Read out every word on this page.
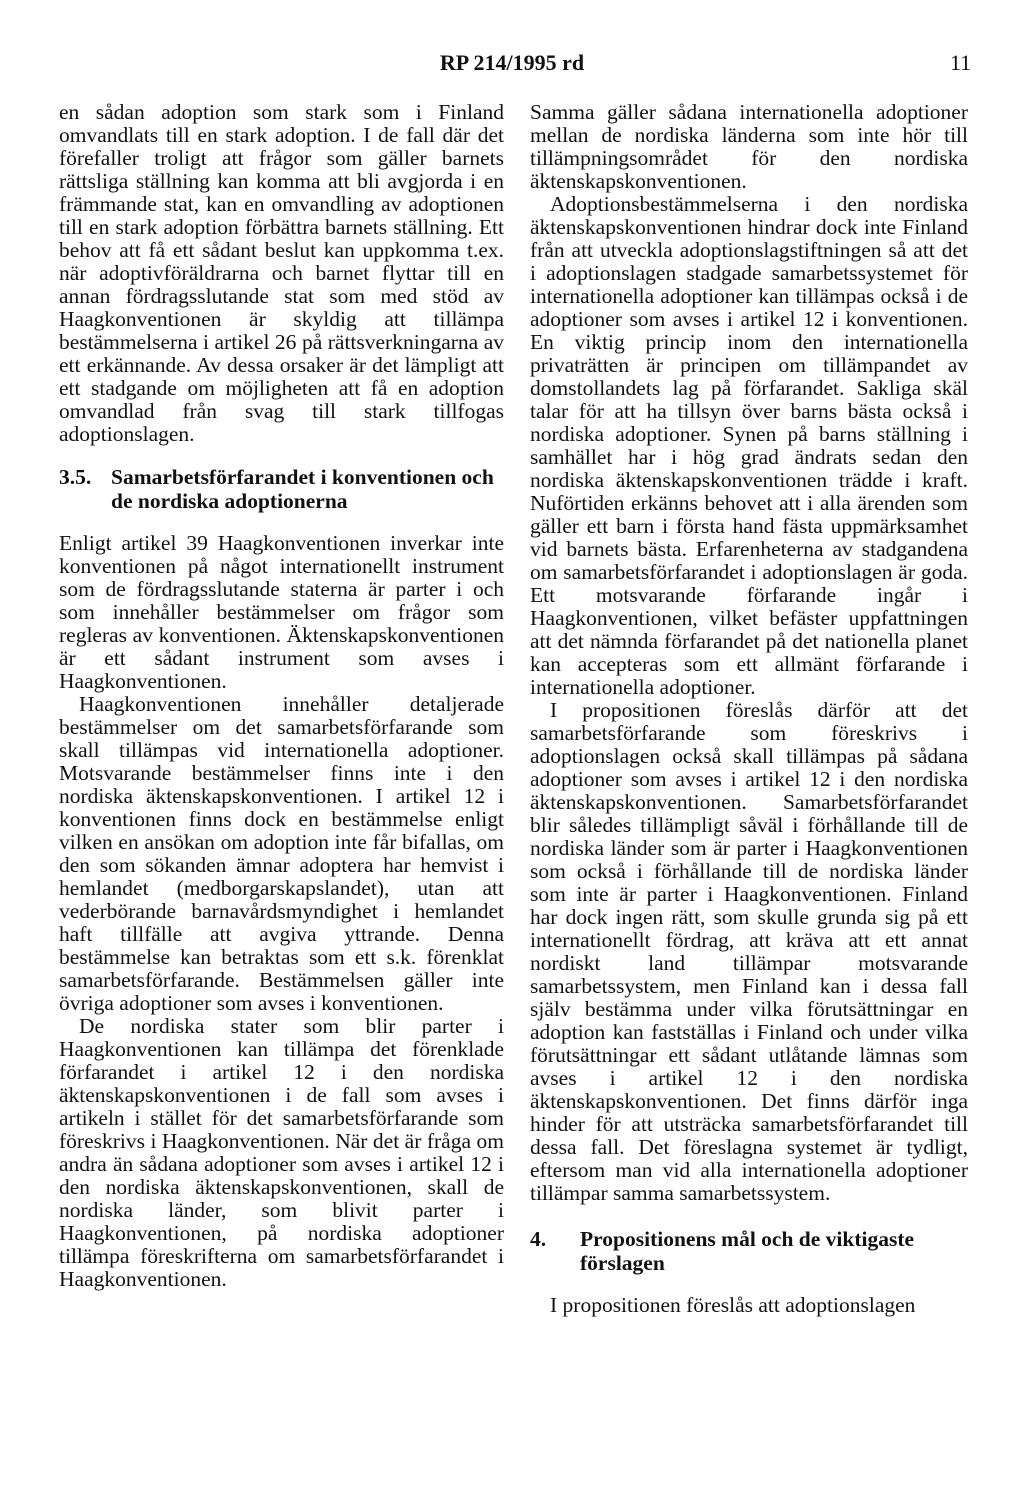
RP 214/1995 rd	11

en sådan adoption som stark som i Finland omvandlats till en stark adoption. I de fall där det förefaller troligt att frågor som gäller barnets rättsliga ställning kan komma att bli avgjorda i en främmande stat, kan en omvandling av adoptionen till en stark adoption förbättra barnets ställning. Ett behov att få ett sådant beslut kan uppkomma t.ex. när adoptivföräldrarna och barnet flyttar till en annan fördragsslutande stat som med stöd av Haagkonventionen är skyldig att tillämpa bestämmelserna i artikel 26 på rättsverkningarna av ett erkännande. Av dessa orsaker är det lämpligt att ett stadgande om möjligheten att få en adoption omvandlad från svag till stark tillfogas adoptionslagen.

3.5. Samarbetsförfarandet i konventionen och de nordiska adoptionerna

Enligt artikel 39 Haagkonventionen inverkar inte konventionen på något internationellt instrument som de fördragsslutande staterna är parter i och som innehåller bestämmelser om frågor som regleras av konventionen. Äktenskapskonventionen är ett sådant instrument som avses i Haagkonventionen.

Haagkonventionen innehåller detaljerade bestämmelser om det samarbetsförfarande som skall tillämpas vid internationella adoptioner. Motsvarande bestämmelser finns inte i den nordiska äktenskapskonventionen. I artikel 12 i konventionen finns dock en bestämmelse enligt vilken en ansökan om adoption inte får bifallas, om den som sökanden ämnar adoptera har hemvist i hemlandet (medborgarskapslandet), utan att vederbörande barnavårdsmyndighet i hemlandet haft tillfälle att avgiva yttrande. Denna bestämmelse kan betraktas som ett s.k. förenklat samarbetsförfarande. Bestämmelsen gäller inte övriga adoptioner som avses i konventionen.

De nordiska stater som blir parter i Haagkonventionen kan tillämpa det förenklade förfarandet i artikel 12 i den nordiska äktenskapskonventionen i de fall som avses i artikeln i stället för det samarbetsförfarande som föreskrivs i Haagkonventionen. När det är fråga om andra än sådana adoptioner som avses i artikel 12 i den nordiska äktenskapskonventionen, skall de nordiska länder, som blivit parter i Haagkonventionen, på nordiska adoptioner tillämpa föreskrifterna om samarbetsförfarandet i Haagkonventionen.

Samma gäller sådana internationella adoptioner mellan de nordiska länderna som inte hör till tillämpningsområdet för den nordiska äktenskapskonventionen.

Adoptionsbestämmelserna i den nordiska äktenskapskonventionen hindrar dock inte Finland från att utveckla adoptionslagstiftningen så att det i adoptionslagen stadgade samarbetssystemet för internationella adoptioner kan tillämpas också i de adoptioner som avses i artikel 12 i konventionen. En viktig princip inom den internationella privaträtten är principen om tillämpandet av domstollandets lag på förfarandet. Sakliga skäl talar för att ha tillsyn över barns bästa också i nordiska adoptioner. Synen på barns ställning i samhället har i hög grad ändrats sedan den nordiska äktenskapskonventionen trädde i kraft. Nuförtiden erkänns behovet att i alla ärenden som gäller ett barn i första hand fästa uppmärksamhet vid barnets bästa. Erfarenheterna av stadgandena om samarbetsförfarandet i adoptionslagen är goda. Ett motsvarande förfarande ingår i Haagkonventionen, vilket befäster uppfattningen att det nämnda förfarandet på det nationella planet kan accepteras som ett allmänt förfarande i internationella adoptioner.

I propositionen föreslås därför att det samarbetsförfarande som föreskrivs i adoptionslagen också skall tillämpas på sådana adoptioner som avses i artikel 12 i den nordiska äktenskapskonventionen. Samarbetsförfarandet blir således tillämpligt såväl i förhållande till de nordiska länder som är parter i Haagkonventionen som också i förhållande till de nordiska länder som inte är parter i Haagkonventionen. Finland har dock ingen rätt, som skulle grunda sig på ett internationellt fördrag, att kräva att ett annat nordiskt land tillämpar motsvarande samarbetssystem, men Finland kan i dessa fall själv bestämma under vilka förutsättningar en adoption kan fastställas i Finland och under vilka förutsättningar ett sådant utlåtande lämnas som avses i artikel 12 i den nordiska äktenskapskonventionen. Det finns därför inga hinder för att utsträcka samarbetsförfarandet till dessa fall. Det föreslagna systemet är tydligt, eftersom man vid alla internationella adoptioner tillämpar samma samarbetssystem.

4.	Propositionens mål och de viktigaste förslagen

I propositionen föreslås att adoptionslagen
